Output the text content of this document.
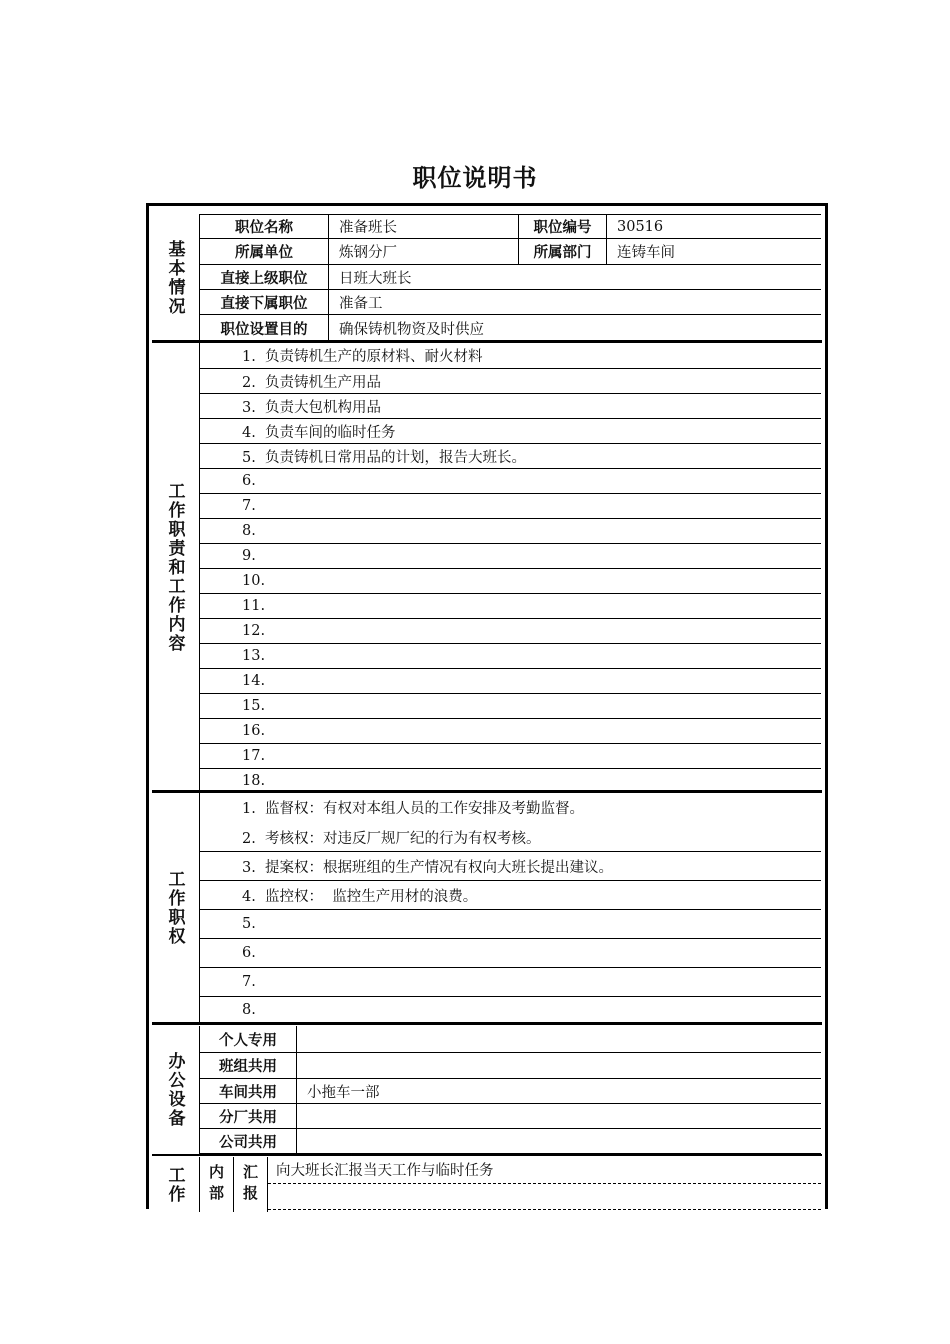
职位说明书
基本情况
职位名称	准备班长	职位编号	30516
所属单位	炼钢分厂	所属部门	连铸车间
直接上级职位	日班大班长
直接下属职位	准备工
职位设置目的	确保铸机物资及时供应
工作职责和工作内容
1.  负责铸机生产的原材料、耐火材料
2.  负责铸机生产用品
3.  负责大包机构用品
4.  负责车间的临时任务
5.  负责铸机日常用品的计划，报告大班长。
6.
7.
8.
9.
10.
11.
12.
13.
14.
15.
16.
17.
18.
工作职权
1.  监督权：有权对本组人员的工作安排及考勤监督。
2.  考核权：对违反厂规厂纪的行为有权考核。
3.  提案权：根据班组的生产情况有权向大班长提出建议。
4.  监控权：  监控生产用材的浪费。
5.
6.
7.
8.
办公设备
个人专用
班组共用
车间共用	小拖车一部
分厂共用
公司共用
工作 内部 汇报	向大班长汇报当天工作与临时任务
